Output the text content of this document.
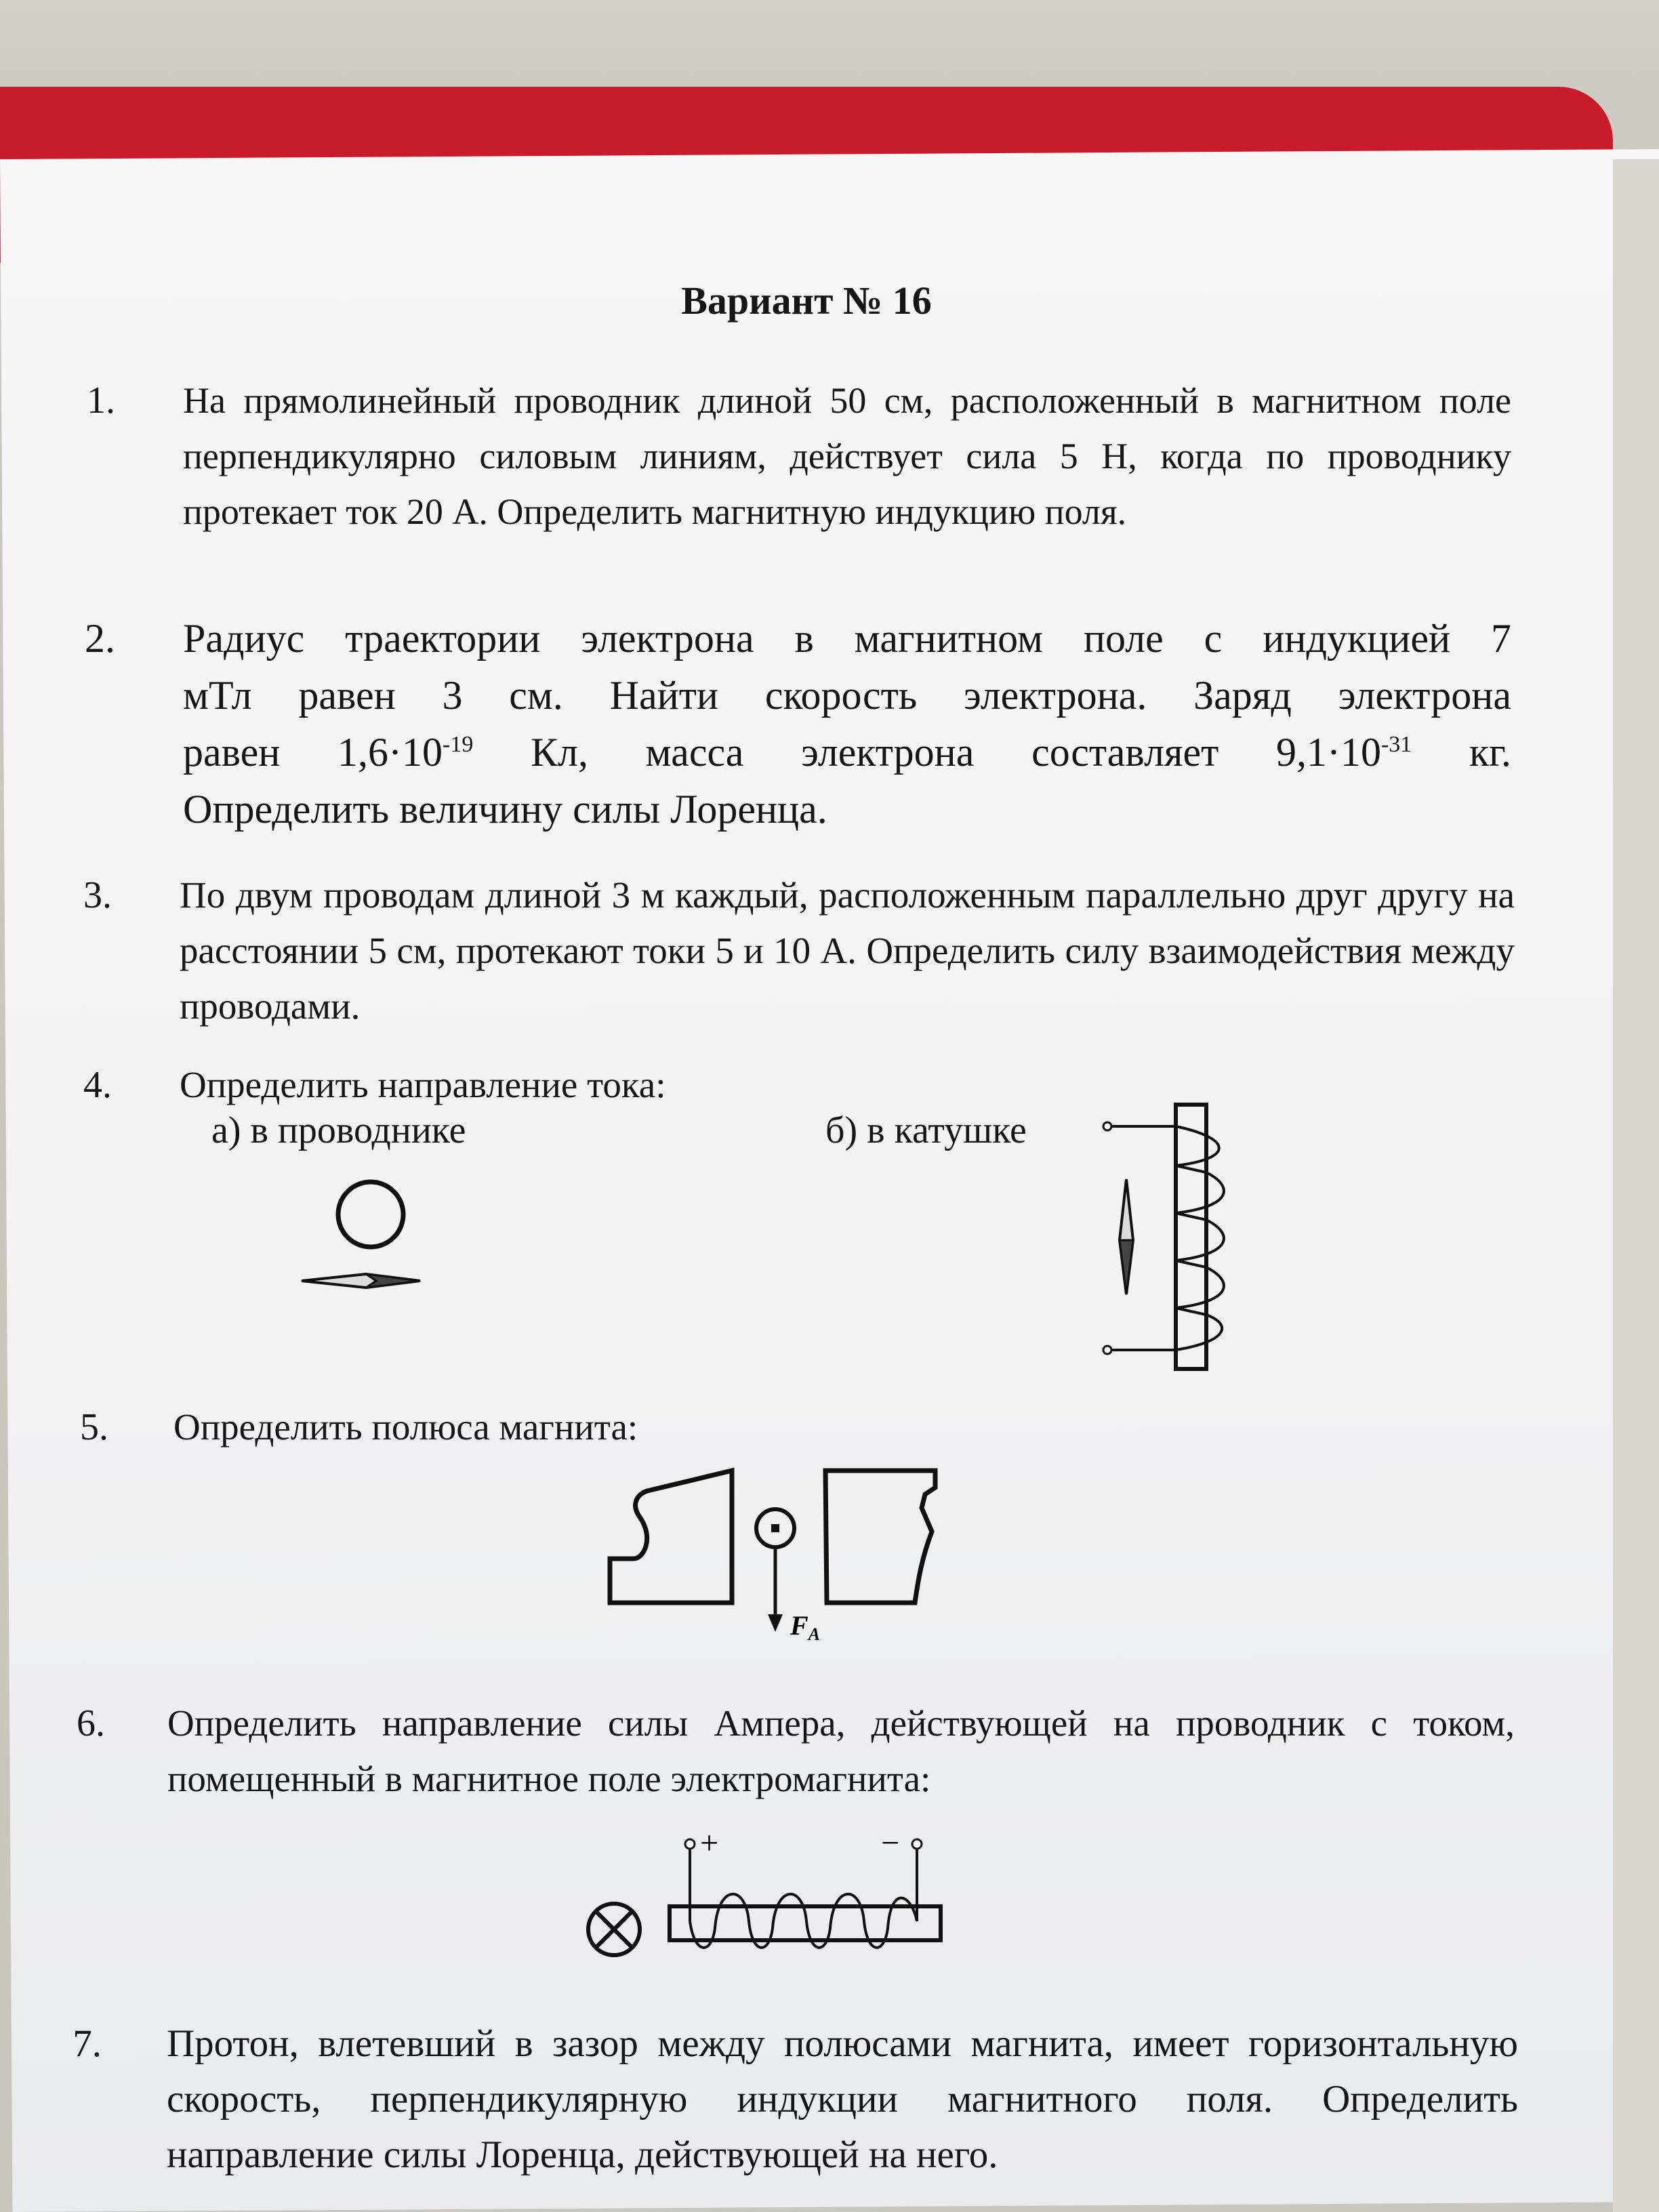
Вариант № 16
1. На прямолинейный проводник длиной 50 см, расположенный в магнитном поле перпендикулярно силовым линиям, действует сила 5 Н, когда по проводнику протекает ток 20 А. Определить магнитную индукцию поля.
2. Радиус траектории электрона в магнитном поле с индукцией 7
мТл равен 3 см. Найти скорость электрона. Заряд электрона
равен $1,6\cdot 10^{-19}$ Кл, масса электрона составляет $9,1\cdot 10^{-31}$ кг.
Определить величину силы Лоренца.
3. По двум проводам длиной 3 м каждый, расположенным параллельно друг другу на расстоянии 5 см, протекают токи 5 и 10 А. Определить силу взаимодействия между проводами.
4. Определить направление тока:
а) в проводнике	б) в катушке
5. Определить полюса магнита:
$F_A$
6. Определить направление силы Ампера, действующей на проводник с током, помещенный в магнитное поле электромагнита:
+	−
7. Протон, влетевший в зазор между полюсами магнита, имеет горизонтальную скорость, перпендикулярную индукции магнитного поля. Определить направление силы Лоренца, действующей на него.
